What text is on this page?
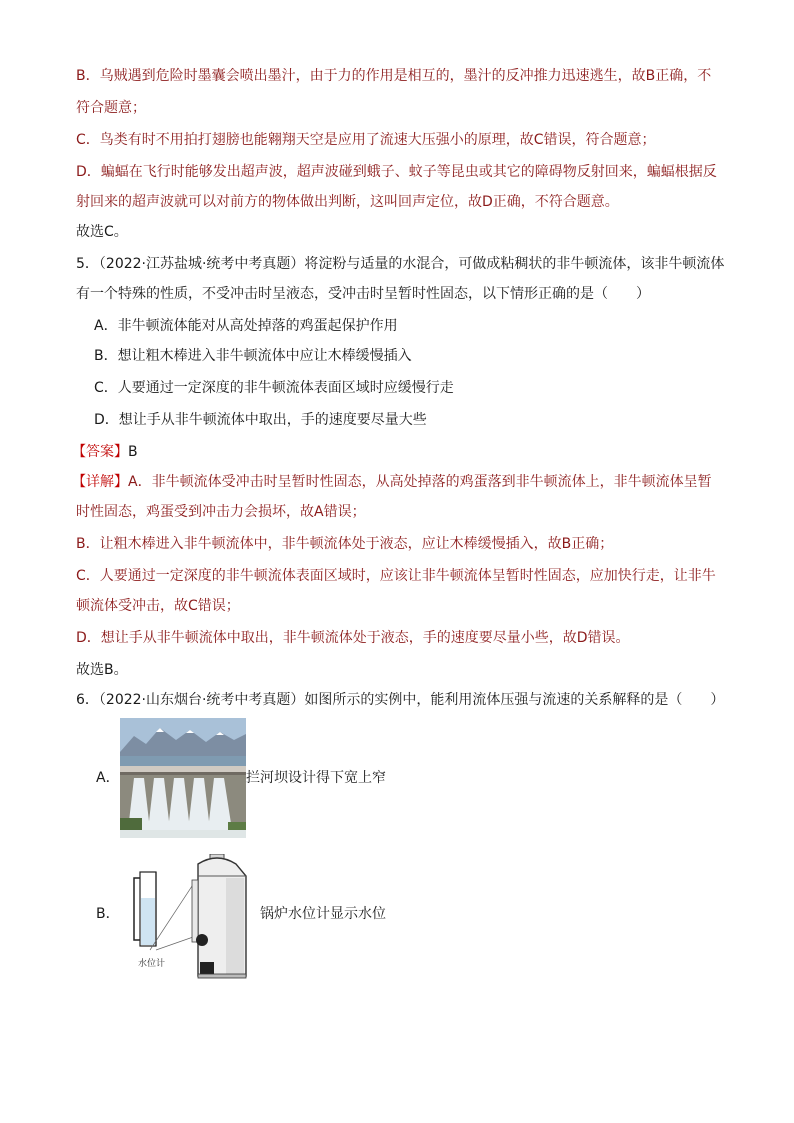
B．乌贼遇到危险时墨囊会喷出墨汁，由于力的作用是相互的，墨汁的反冲推力迅速逃生，故B正确，不
符合题意；
C．鸟类有时不用拍打翅膀也能翱翔天空是应用了流速大压强小的原理，故C错误，符合题意；
D．蝙蝠在飞行时能够发出超声波，超声波碰到蛾子、蚊子等昆虫或其它的障碍物反射回来，蝙蝠根据反
射回来的超声波就可以对前方的物体做出判断，这叫回声定位，故D正确，不符合题意。
故选C。
5．（2022·江苏盐城·统考中考真题）将淀粉与适量的水混合，可做成粘稠状的非牛顿流体，该非牛顿流体
有一个特殊的性质，不受冲击时呈液态，受冲击时呈暂时性固态，以下情形正确的是（　　）
A．非牛顿流体能对从高处掉落的鸡蛋起保护作用
B．想让粗木棒进入非牛顿流体中应让木棒缓慢插入
C．人要通过一定深度的非牛顿流体表面区域时应缓慢行走
D．想让手从非牛顿流体中取出，手的速度要尽量大些
【答案】B
【详解】A．非牛顿流体受冲击时呈暂时性固态，从高处掉落的鸡蛋落到非牛顿流体上，非牛顿流体呈暂
时性固态，鸡蛋受到冲击力会损坏，故A错误；
B．让粗木棒进入非牛顿流体中，非牛顿流体处于液态，应让木棒缓慢插入，故B正确；
C．人要通过一定深度的非牛顿流体表面区域时，应该让非牛顿流体呈暂时性固态，应加快行走，让非牛
顿流体受冲击，故C错误；
D．想让手从非牛顿流体中取出，非牛顿流体处于液态，手的速度要尽量小些，故D错误。
故选B。
6．（2022·山东烟台·统考中考真题）如图所示的实例中，能利用流体压强与流速的关系解释的是（　　）
A．	拦河坝设计得下宽上窄
B．
水位计
锅炉水位计显示水位
